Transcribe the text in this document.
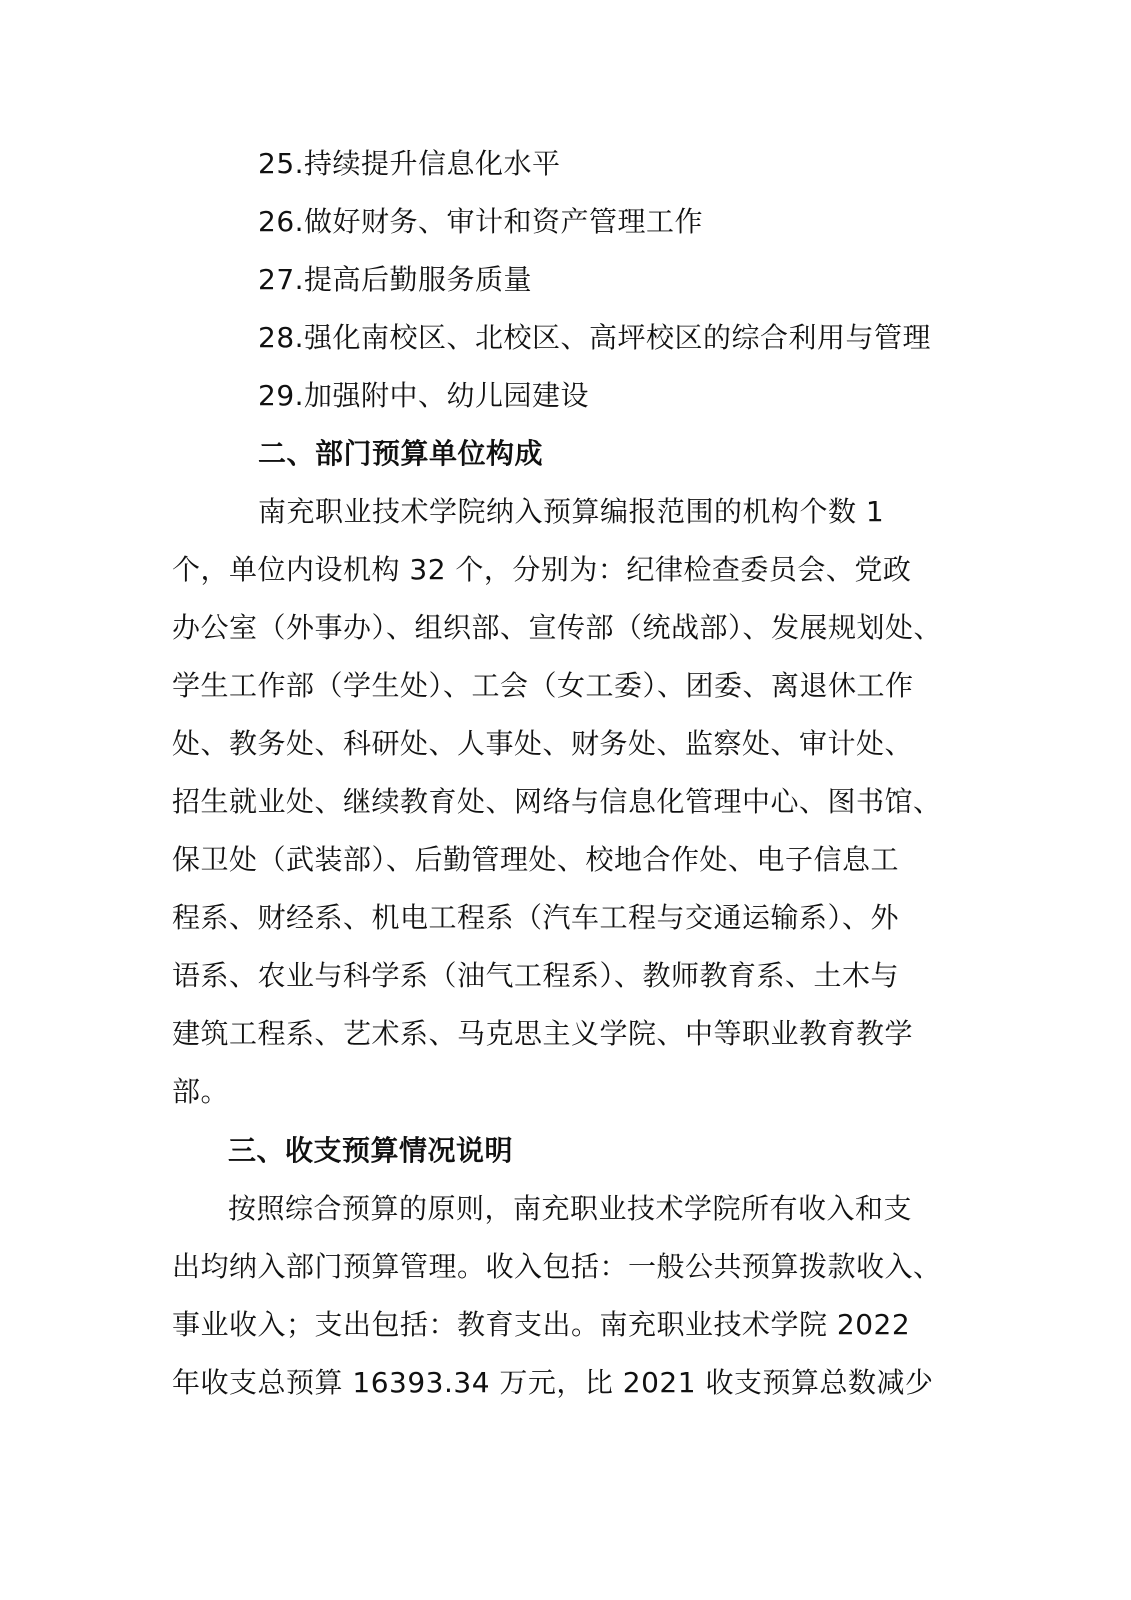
25.持续提升信息化水平
26.做好财务、审计和资产管理工作
27.提高后勤服务质量
28.强化南校区、北校区、高坪校区的综合利用与管理
29.加强附中、幼儿园建设
二、部门预算单位构成
南充职业技术学院纳入预算编报范围的机构个数 1
个，单位内设机构 32 个，分别为：纪律检查委员会、党政
办公室（外事办）、组织部、宣传部（统战部）、发展规划处、
学生工作部（学生处）、工会（女工委）、团委、离退休工作
处、教务处、科研处、人事处、财务处、监察处、审计处、
招生就业处、继续教育处、网络与信息化管理中心、图书馆、
保卫处（武装部）、后勤管理处、校地合作处、电子信息工
程系、财经系、机电工程系（汽车工程与交通运输系）、外
语系、农业与科学系（油气工程系）、教师教育系、土木与
建筑工程系、艺术系、马克思主义学院、中等职业教育教学
部。
三、收支预算情况说明
按照综合预算的原则，南充职业技术学院所有收入和支
出均纳入部门预算管理。收入包括：一般公共预算拨款收入、
事业收入；支出包括：教育支出。南充职业技术学院 2022
年收支总预算 16393.34 万元，比 2021 收支预算总数减少
